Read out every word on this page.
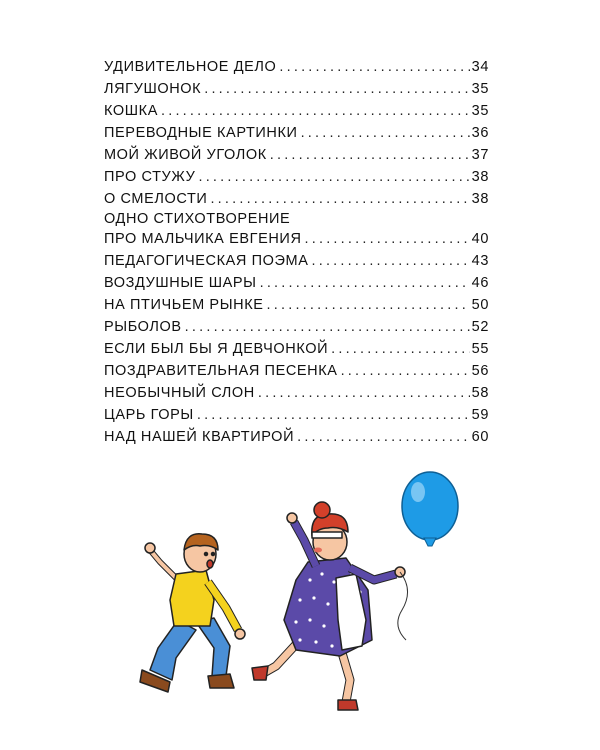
УДИВИТЕЛЬНОЕ ДЕЛО .....	34
ЛЯГУШОНОК .....	35
КОШКА .....	35
ПЕРЕВОДНЫЕ КАРТИНКИ .....	36
МОЙ ЖИВОЙ УГОЛОК .....	37
ПРО СТУЖУ .....	38
О СМЕЛОСТИ .....	38
ОДНО СТИХОТВОРЕНИЕ
ПРО МАЛЬЧИКА ЕВГЕНИЯ .....	40
ПЕДАГОГИЧЕСКАЯ ПОЭМА .....	43
ВОЗДУШНЫЕ ШАРЫ .....	46
НА ПТИЧЬЕМ РЫНКЕ .....	50
РЫБОЛОВ .....	52
ЕСЛИ БЫЛ БЫ Я ДЕВЧОНКОЙ .....	55
ПОЗДРАВИТЕЛЬНАЯ ПЕСЕНКА .....	56
НЕОБЫЧНЫЙ СЛОН .....	58
ЦАРЬ ГОРЫ .....	59
НАД НАШЕЙ КВАРТИРОЙ .....	60
